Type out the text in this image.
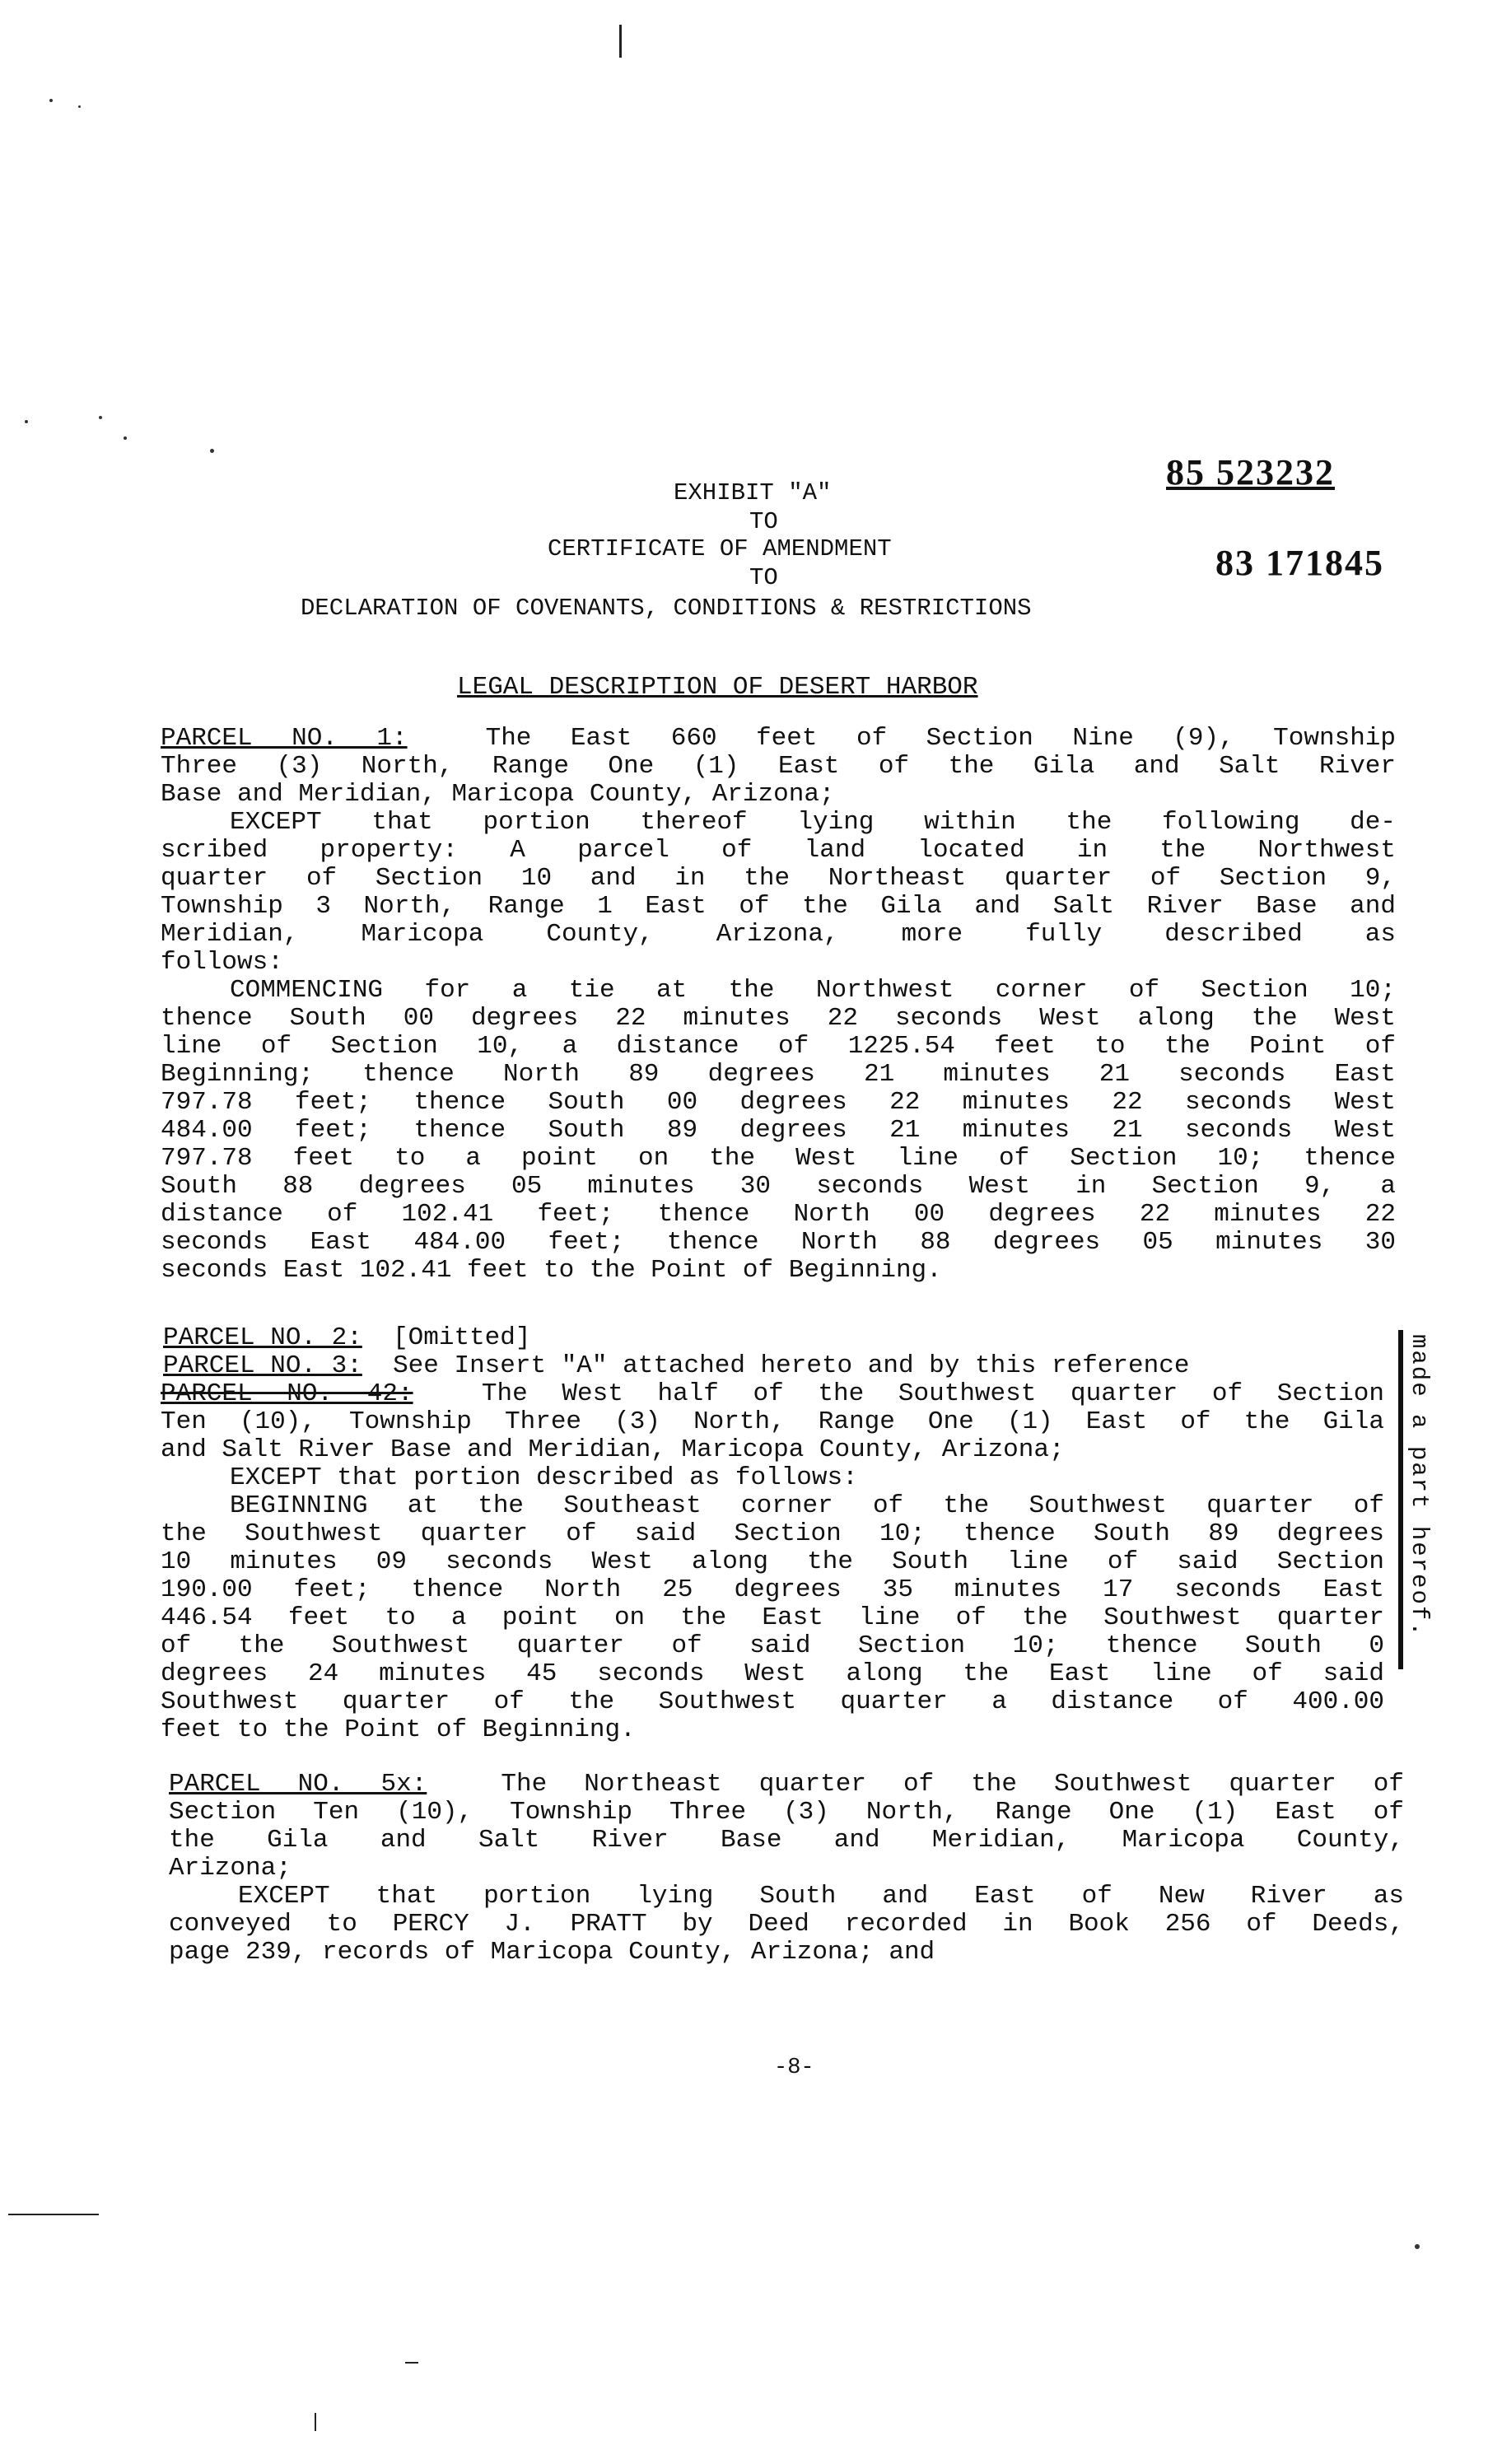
EXHIBIT "A"
TO
CERTIFICATE OF AMENDMENT
TO
DECLARATION OF COVENANTS, CONDITIONS & RESTRICTIONS
85 523232
83 171845
LEGAL DESCRIPTION OF DESERT HARBOR
PARCEL NO. 1:	The East 660 feet of Section Nine (9), Township
Three (3) North, Range One (1) East of the Gila and Salt River
Base and Meridian, Maricopa County, Arizona;
EXCEPT that portion thereof lying within the following de-
scribed property: A parcel of land located in the Northwest
quarter of Section 10 and in the Northeast quarter of Section 9,
Township 3 North, Range 1 East of the Gila and Salt River Base and
Meridian, Maricopa County, Arizona, more fully described as
follows:
COMMENCING for a tie at the Northwest corner of Section 10;
thence South 00 degrees 22 minutes 22 seconds West along the West
line of Section 10, a distance of 1225.54 feet to the Point of
Beginning; thence North 89 degrees 21 minutes 21 seconds East
797.78 feet; thence South 00 degrees 22 minutes 22 seconds West
484.00 feet; thence South 89 degrees 21 minutes 21 seconds West
797.78 feet to a point on the West line of Section 10; thence
South 88 degrees 05 minutes 30 seconds West in Section 9, a
distance of 102.41 feet; thence North 00 degrees 22 minutes 22
seconds East 484.00 feet; thence North 88 degrees 05 minutes 30
seconds East 102.41 feet to the Point of Beginning.
PARCEL NO. 2: [Omitted]
PARCEL NO. 3: See Insert "A" attached hereto and by this reference	made a part hereof.
PARCEL NO. 42:	The West half of the Southwest quarter of Section
Ten (10), Township Three (3) North, Range One (1) East of the Gila
and Salt River Base and Meridian, Maricopa County, Arizona;
EXCEPT that portion described as follows:
BEGINNING at the Southeast corner of the Southwest quarter of
the Southwest quarter of said Section 10; thence South 89 degrees
10 minutes 09 seconds West along the South line of said Section
190.00 feet; thence North 25 degrees 35 minutes 17 seconds East
446.54 feet to a point on the East line of the Southwest quarter
of the Southwest quarter of said Section 10; thence South 0
degrees 24 minutes 45 seconds West along the East line of said
Southwest quarter of the Southwest quarter a distance of 400.00
feet to the Point of Beginning.
PARCEL NO. 5x:	The Northeast quarter of the Southwest quarter of
Section Ten (10), Township Three (3) North, Range One (1) East of
the Gila and Salt River Base and Meridian, Maricopa County,
Arizona;
EXCEPT that portion lying South and East of New River as
conveyed to PERCY J. PRATT by Deed recorded in Book 256 of Deeds,
page 239, records of Maricopa County, Arizona; and
-8-
